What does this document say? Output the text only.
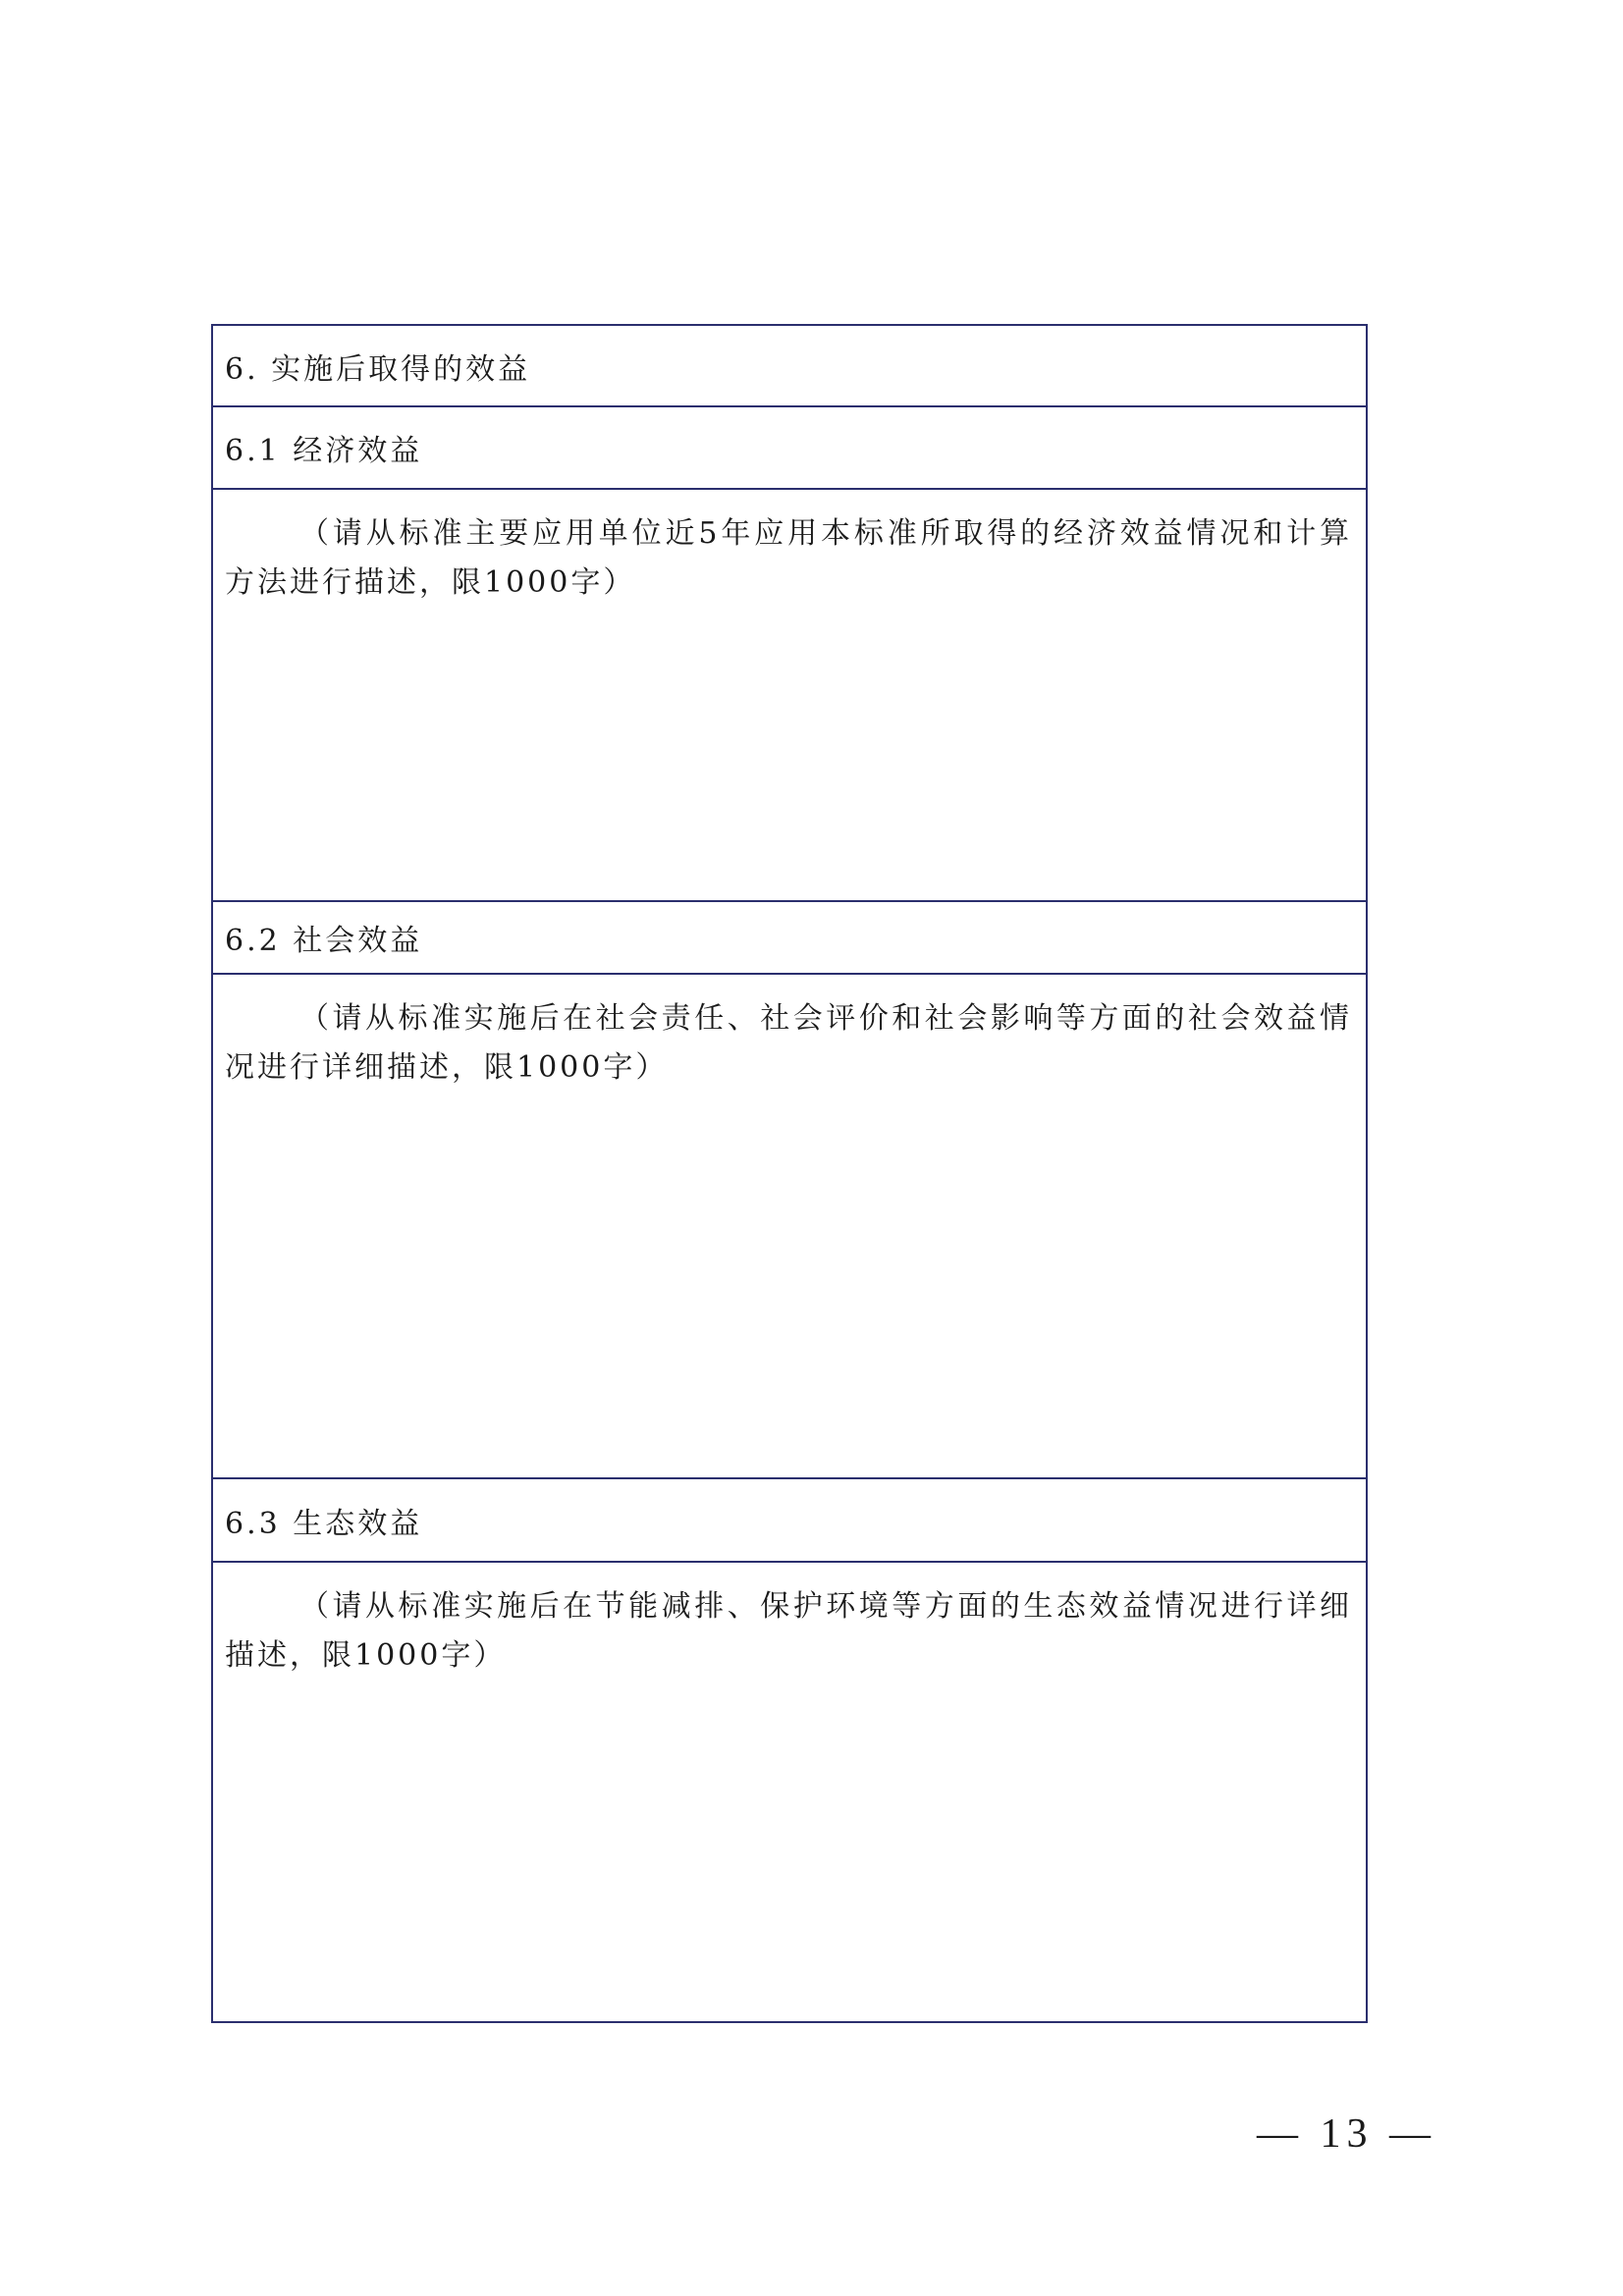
6. 实施后取得的效益
6.1 经济效益

（请从标准主要应用单位近5年应用本标准所取得的经济效益情况和计算方法进行描述，限1000字）

6.2 社会效益

（请从标准实施后在社会责任、社会评价和社会影响等方面的社会效益情况进行详细描述，限1000字）

6.3 生态效益

（请从标准实施后在节能减排、保护环境等方面的生态效益情况进行详细描述，限1000字）

— 13 —
